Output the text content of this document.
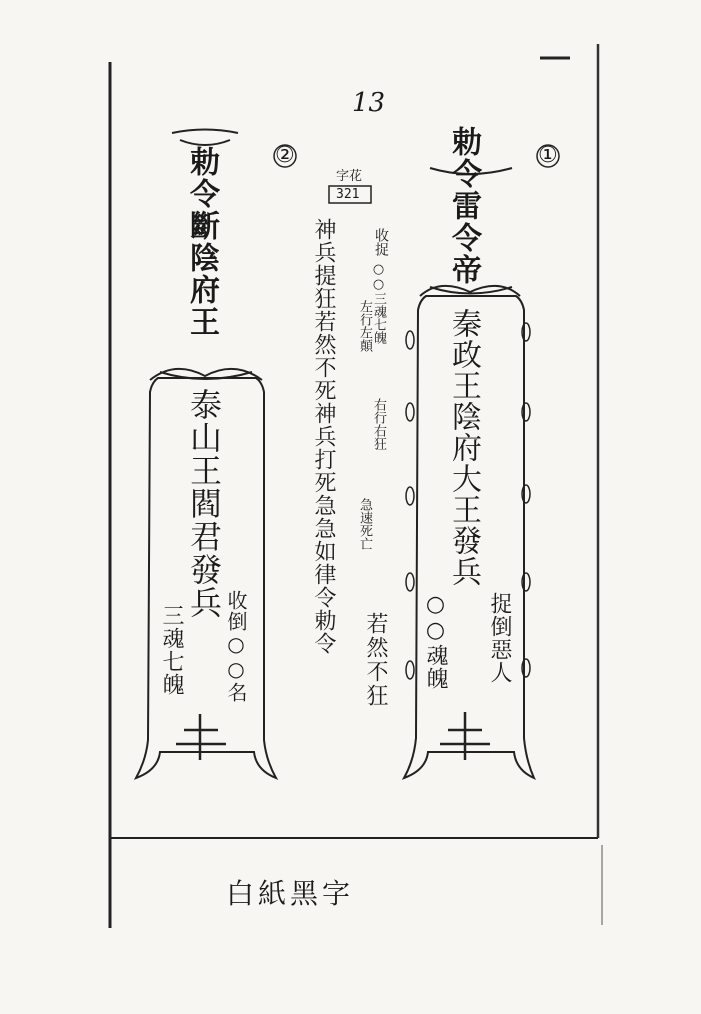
13
②	①
字花
321	勅令雷令帝
秦政王陰府大王發兵
捉倒惡人
○○魂魄
勅令斷陰府王
泰山王閻君發兵
收倒○○名
三魂七魄
收捉
○○三魂七魄
左行左顛
右行右狂
急速死亡
若然不狂
神兵提狂若然不死神兵打死急急如律令勅令
白紙黑字
